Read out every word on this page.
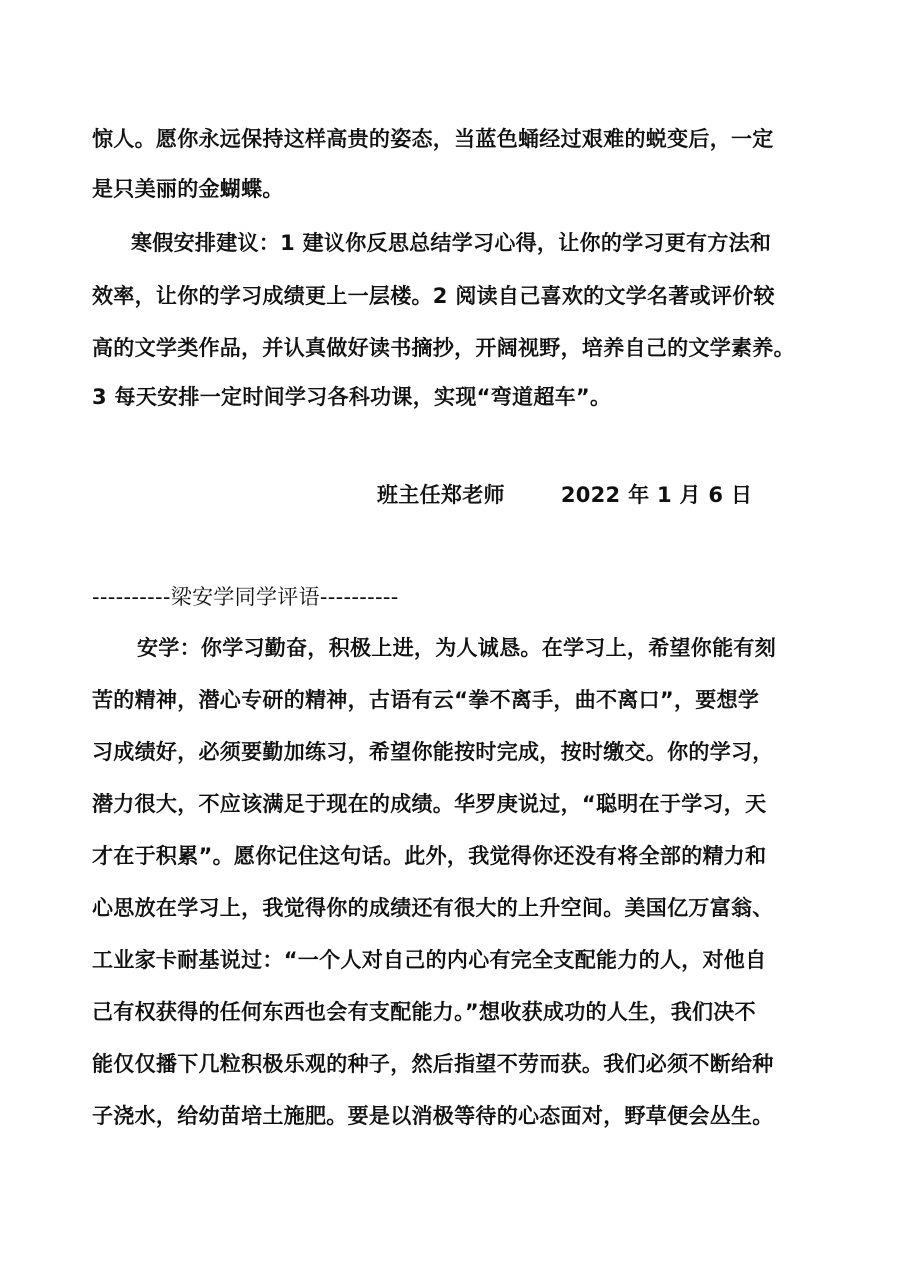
惊人。愿你永远保持这样高贵的姿态，当蓝色蛹经过艰难的蜕变后，一定
是只美丽的金蝴蝶。
寒假安排建议：1 建议你反思总结学习心得，让你的学习更有方法和
效率，让你的学习成绩更上一层楼。2 阅读自己喜欢的文学名著或评价较
高的文学类作品，并认真做好读书摘抄，开阔视野，培养自己的文学素养。
3 每天安排一定时间学习各科功课，实现“弯道超车”。
班主任郑老师	2022 年 1 月 6 日
----------梁安学同学评语----------
安学：你学习勤奋，积极上进，为人诚恳。在学习上，希望你能有刻
苦的精神，潜心专研的精神，古语有云“拳不离手，曲不离口”，要想学
习成绩好，必须要勤加练习，希望你能按时完成，按时缴交。你的学习，
潜力很大，不应该满足于现在的成绩。华罗庚说过，“聪明在于学习，天
才在于积累”。愿你记住这句话。此外，我觉得你还没有将全部的精力和
心思放在学习上，我觉得你的成绩还有很大的上升空间。美国亿万富翁、
工业家卡耐基说过：“一个人对自己的内心有完全支配能力的人，对他自
己有权获得的任何东西也会有支配能力。”想收获成功的人生，我们决不
能仅仅播下几粒积极乐观的种子，然后指望不劳而获。我们必须不断给种
子浇水，给幼苗培土施肥。要是以消极等待的心态面对，野草便会丛生。
